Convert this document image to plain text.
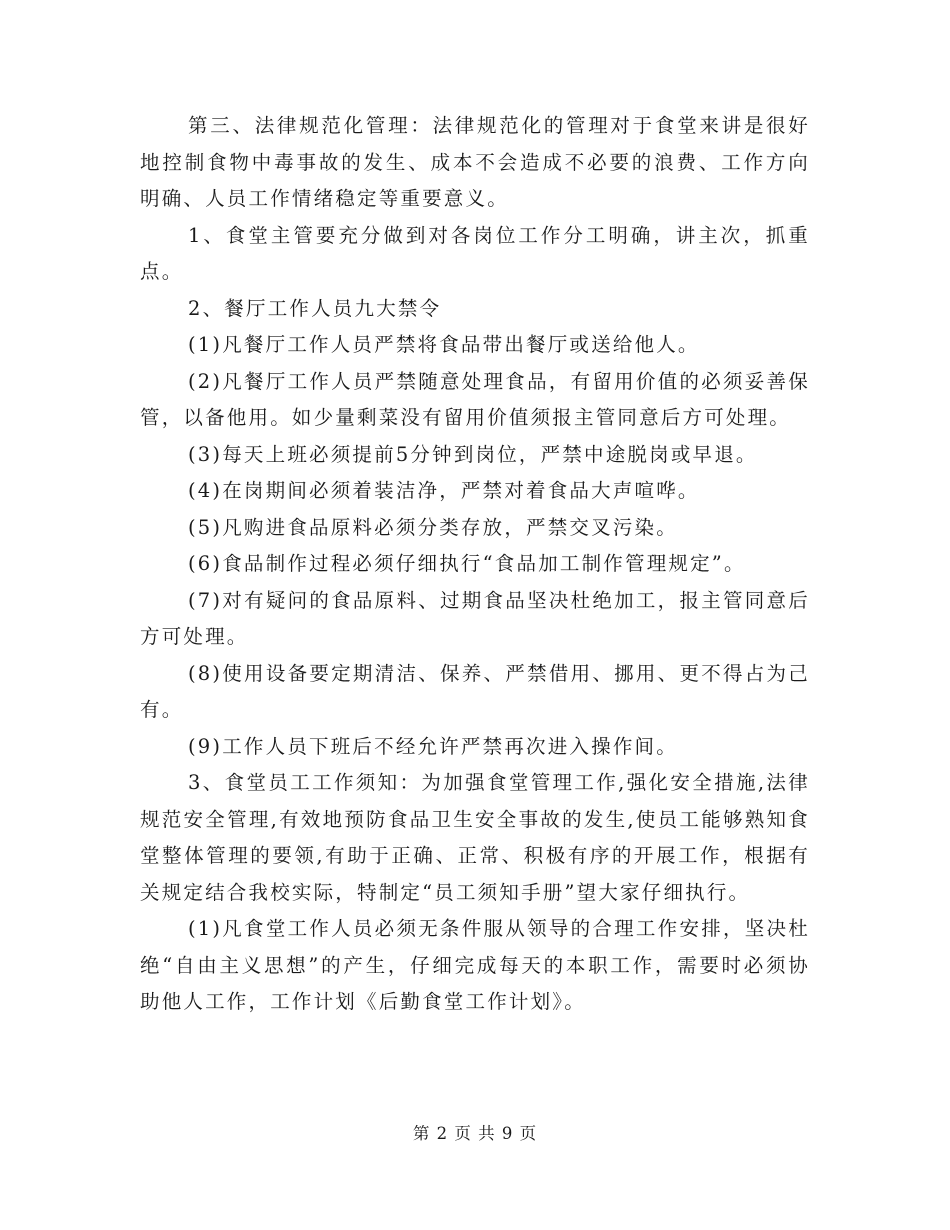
第三、法律规范化管理：法律规范化的管理对于食堂来讲是很好地控制食物中毒事故的发生、成本不会造成不必要的浪费、工作方向明确、人员工作情绪稳定等重要意义。

1、食堂主管要充分做到对各岗位工作分工明确，讲主次，抓重点。

2、餐厅工作人员九大禁令

(1)凡餐厅工作人员严禁将食品带出餐厅或送给他人。

(2)凡餐厅工作人员严禁随意处理食品，有留用价值的必须妥善保管，以备他用。如少量剩菜没有留用价值须报主管同意后方可处理。

(3)每天上班必须提前5分钟到岗位，严禁中途脱岗或早退。

(4)在岗期间必须着装洁净，严禁对着食品大声喧哗。

(5)凡购进食品原料必须分类存放，严禁交叉污染。

(6)食品制作过程必须仔细执行“食品加工制作管理规定”。

(7)对有疑问的食品原料、过期食品坚决杜绝加工，报主管同意后方可处理。

(8)使用设备要定期清洁、保养、严禁借用、挪用、更不得占为己有。

(9)工作人员下班后不经允许严禁再次进入操作间。

3、食堂员工工作须知：为加强食堂管理工作,强化安全措施,法律规范安全管理,有效地预防食品卫生安全事故的发生,使员工能够熟知食堂整体管理的要领,有助于正确、正常、积极有序的开展工作，根据有关规定结合我校实际，特制定“员工须知手册”望大家仔细执行。

(1)凡食堂工作人员必须无条件服从领导的合理工作安排，坚决杜绝“自由主义思想”的产生，仔细完成每天的本职工作，需要时必须协助他人工作，工作计划《后勤食堂工作计划》。

第 2 页 共 9 页
